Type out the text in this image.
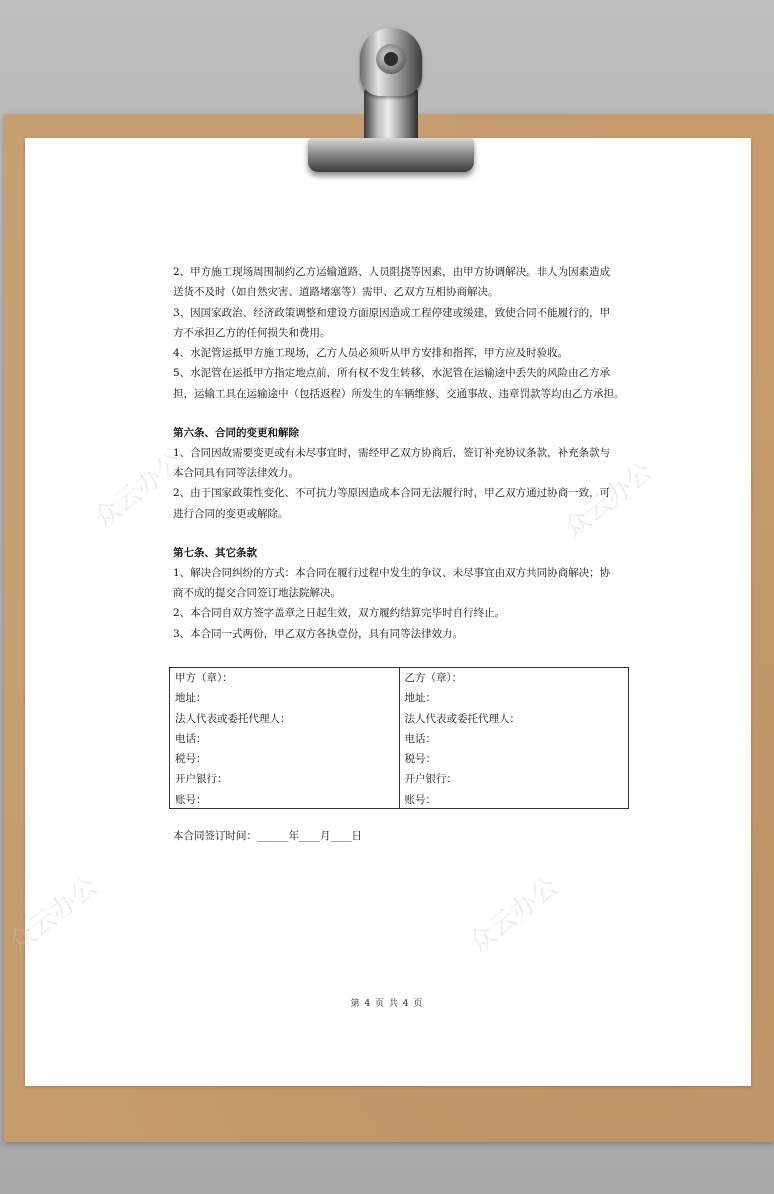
众云办公	众云办公
众云办公	众云办公

2、甲方施工现场周围制约乙方运输道路、人员阻挠等因素，由甲方协调解决。非人为因素造成

送货不及时（如自然灾害、道路堵塞等）需甲、乙双方互相协商解决。

3、因国家政治、经济政策调整和建设方面原因造成工程停建或缓建，致使合同不能履行的，甲

方不承担乙方的任何损失和费用。

4、水泥管运抵甲方施工现场，乙方人员必须听从甲方安排和指挥，甲方应及时验收。

5、水泥管在运抵甲方指定地点前，所有权不发生转移，水泥管在运输途中丢失的风险由乙方承

担，运输工具在运输途中（包括返程）所发生的车辆维修、交通事故、违章罚款等均由乙方承担。

第六条、合同的变更和解除

1、合同因故需要变更或有未尽事宜时，需经甲乙双方协商后，签订补充协议条款，补充条款与

本合同具有同等法律效力。

2、由于国家政策性变化、不可抗力等原因造成本合同无法履行时，甲乙双方通过协商一致，可

进行合同的变更或解除。

第七条、其它条款

1、解决合同纠纷的方式：本合同在履行过程中发生的争议、未尽事宜由双方共同协商解决；协

商不成的提交合同签订地法院解决。

2、本合同自双方签字盖章之日起生效，双方履约结算完毕时自行终止。

3、本合同一式两份，甲乙双方各执壹份，具有同等法律效力。

甲方（章）：
地址：
法人代表或委托代理人：
电话：
税号：
开户银行：
账号：
乙方（章）：
地址：
法人代表或委托代理人：
电话：
税号：
开户银行：
账号：
本合同签订时间：______年____月____日
第 4 页 共 4 页
